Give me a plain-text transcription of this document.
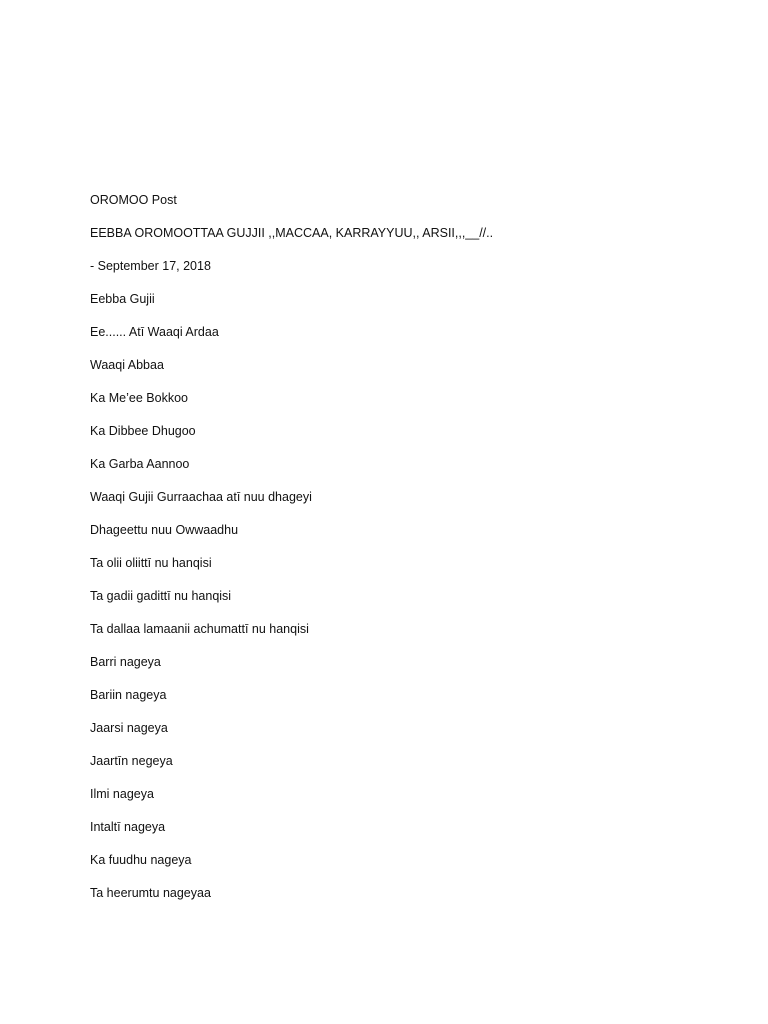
OROMOO Post
EEBBA OROMOOTTAA GUJJII ,,MACCAA, KARRAYYUU,, ARSII,,,__//..
- September 17, 2018
Eebba Gujii
Ee...... Atī Waaqi Ardaa
Waaqi Abbaa
Ka Me’ee Bokkoo
Ka Dibbee Dhugoo
Ka Garba Aannoo
Waaqi Gujii Gurraachaa atī nuu dhageyi
Dhageettu nuu Owwaadhu
Ta olii oliittī nu hanqisi
Ta gadii gadittī nu hanqisi
Ta dallaa lamaanii achumattī nu hanqisi
Barri nageya
Bariin nageya
Jaarsi nageya
Jaartīn negeya
Ilmi nageya
Intaltī nageya
Ka fuudhu nageya
Ta heerumtu nageyaa
